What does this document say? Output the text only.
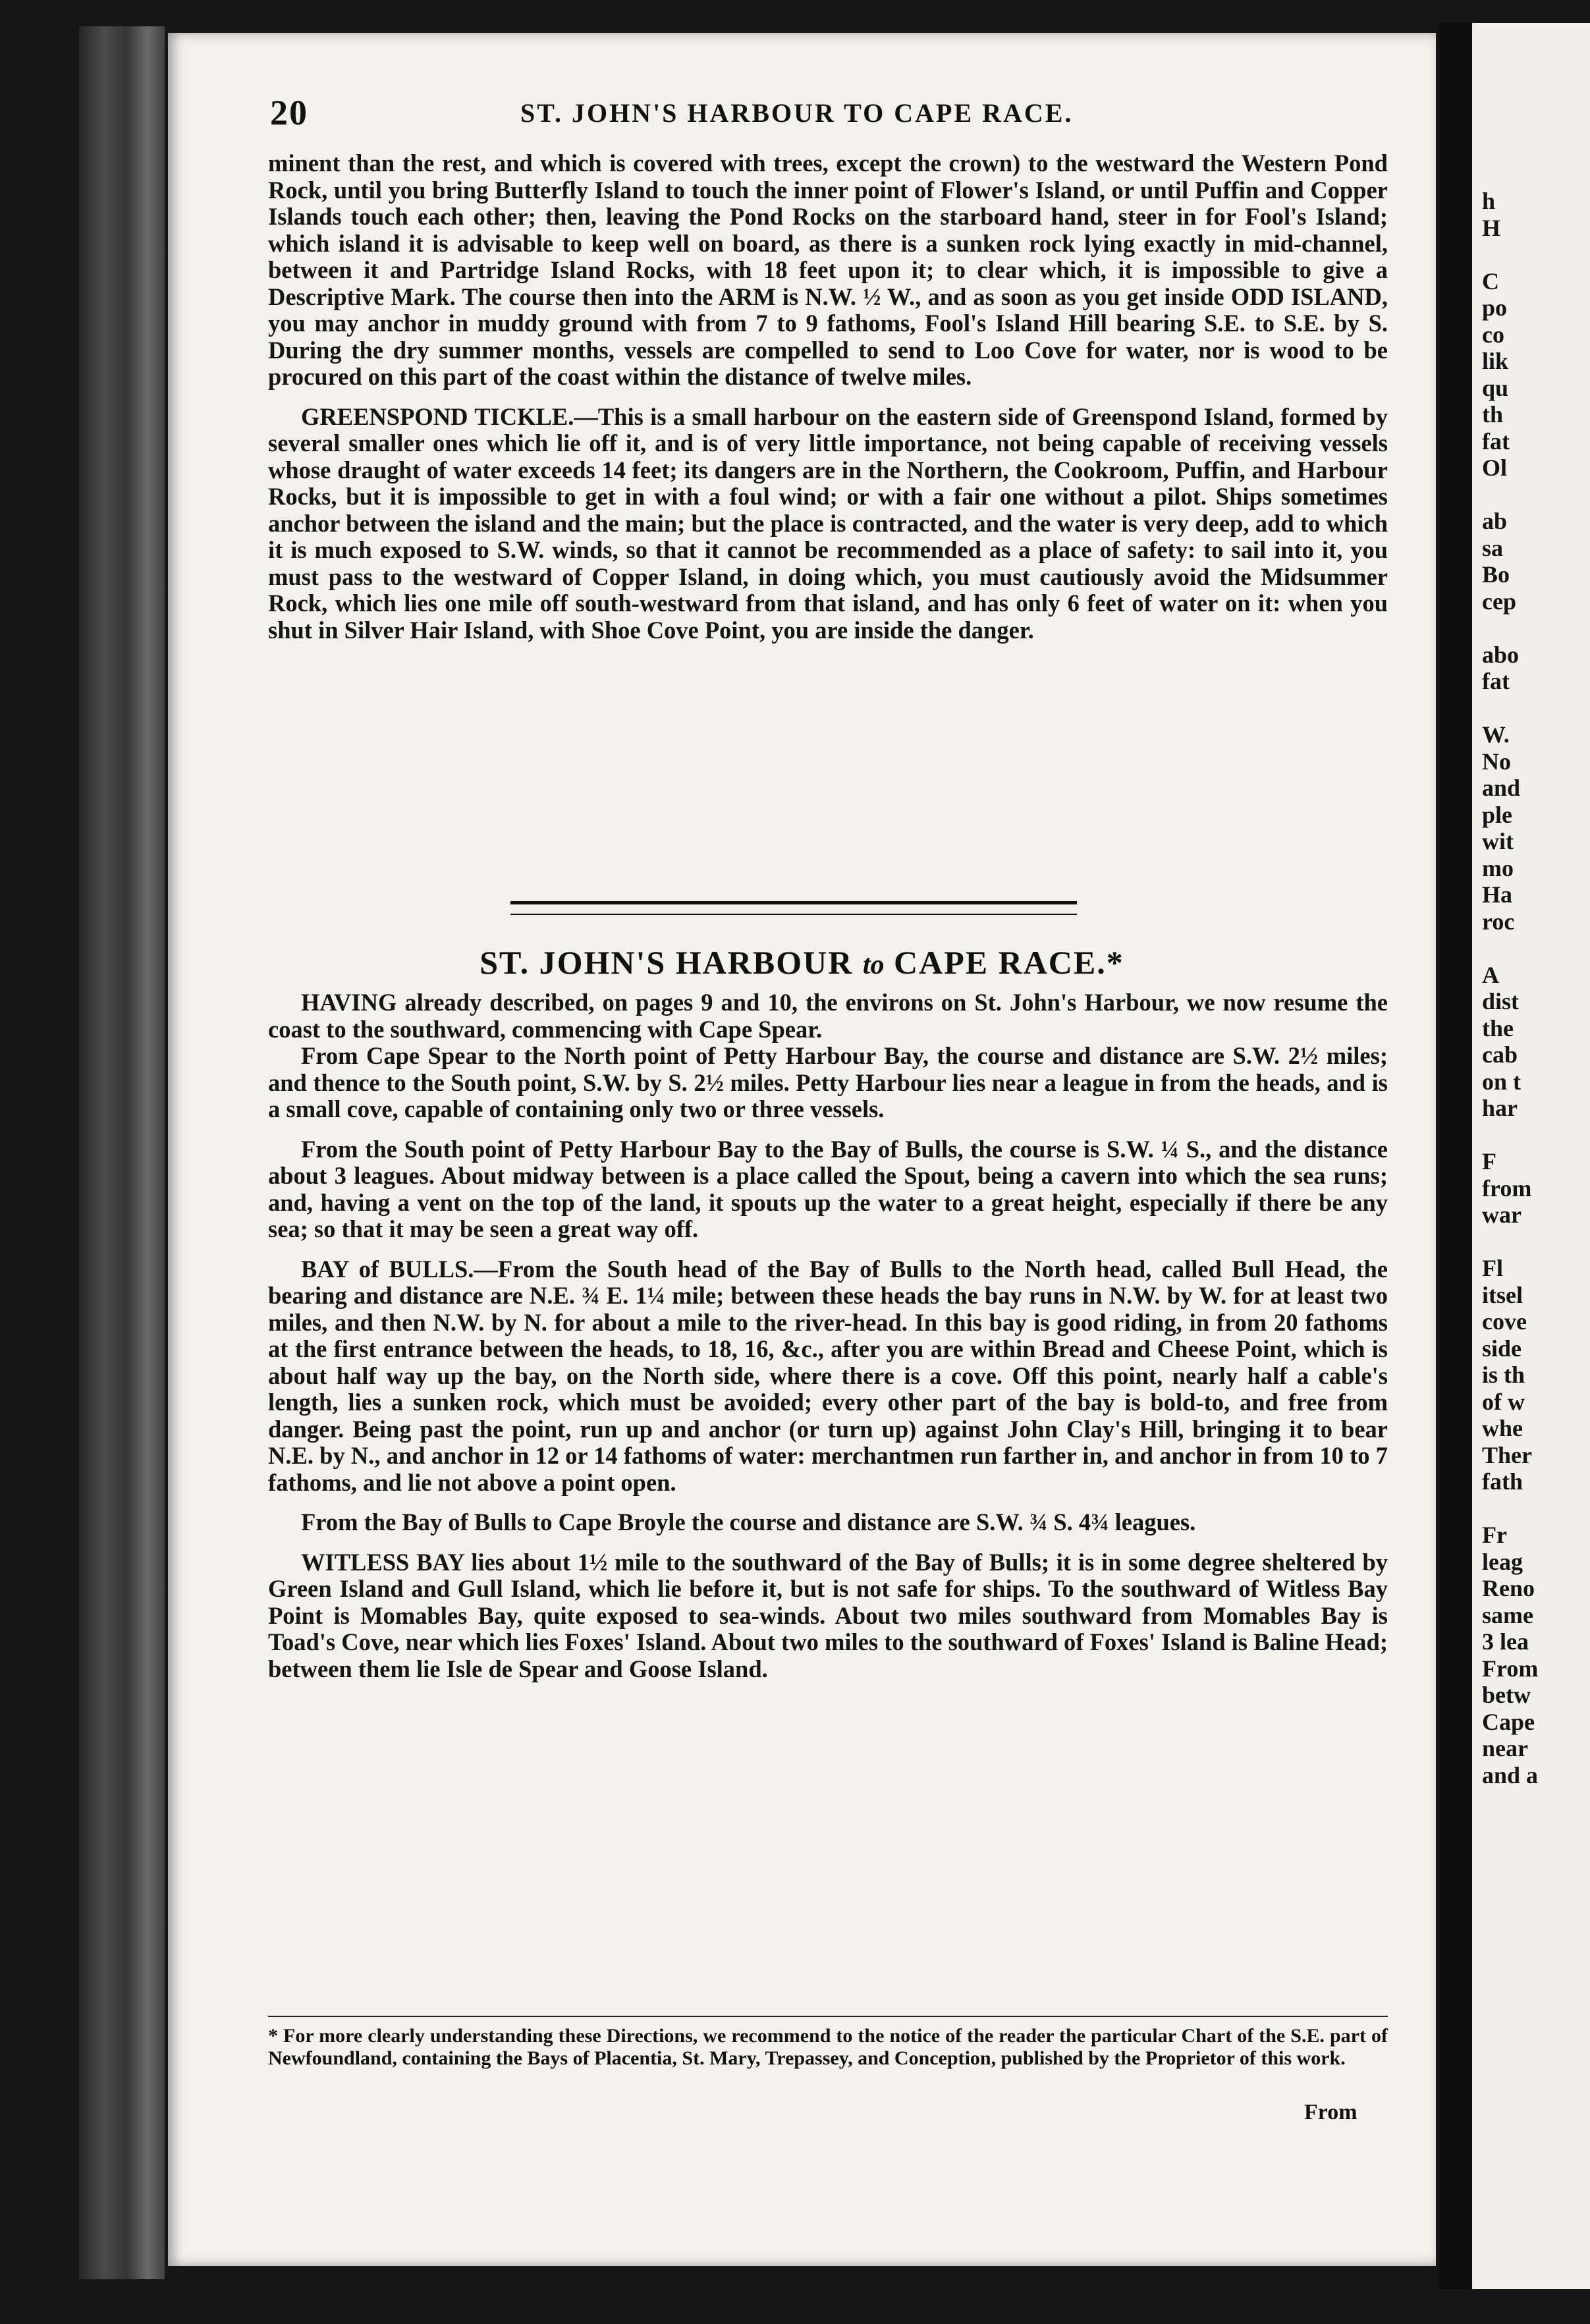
20	ST. JOHN'S HARBOUR TO CAPE RACE.

minent than the rest, and which is covered with trees, except the crown) to the westward the Western Pond Rock, until you bring Butterfly Island to touch the inner point of Flower's Island, or until Puffin and Copper Islands touch each other; then, leaving the Pond Rocks on the starboard hand, steer in for Fool's Island; which island it is advisable to keep well on board, as there is a sunken rock lying exactly in mid-channel, between it and Partridge Island Rocks, with 18 feet upon it; to clear which, it is impossible to give a Descriptive Mark. The course then into the ARM is N.W. ½ W., and as soon as you get inside ODD ISLAND, you may anchor in muddy ground with from 7 to 9 fathoms, Fool's Island Hill bearing S.E. to S.E. by S. During the dry summer months, vessels are compelled to send to Loo Cove for water, nor is wood to be procured on this part of the coast within the distance of twelve miles.

GREENSPOND TICKLE.—This is a small harbour on the eastern side of Greenspond Island, formed by several smaller ones which lie off it, and is of very little importance, not being capable of receiving vessels whose draught of water exceeds 14 feet; its dangers are in the Northern, the Cookroom, Puffin, and Harbour Rocks, but it is impossible to get in with a foul wind; or with a fair one without a pilot. Ships sometimes anchor between the island and the main; but the place is contracted, and the water is very deep, add to which it is much exposed to S.W. winds, so that it cannot be recommended as a place of safety: to sail into it, you must pass to the westward of Copper Island, in doing which, you must cautiously avoid the Midsummer Rock, which lies one mile off south-westward from that island, and has only 6 feet of water on it: when you shut in Silver Hair Island, with Shoe Cove Point, you are inside the danger.

ST. JOHN'S HARBOUR to CAPE RACE.*

HAVING already described, on pages 9 and 10, the environs on St. John's Harbour, we now resume the coast to the southward, commencing with Cape Spear.

From Cape Spear to the North point of Petty Harbour Bay, the course and distance are S.W. 2½ miles; and thence to the South point, S.W. by S. 2½ miles. Petty Harbour lies near a league in from the heads, and is a small cove, capable of containing only two or three vessels.

From the South point of Petty Harbour Bay to the Bay of Bulls, the course is S.W. ¼ S., and the distance about 3 leagues. About midway between is a place called the Spout, being a cavern into which the sea runs; and, having a vent on the top of the land, it spouts up the water to a great height, especially if there be any sea; so that it may be seen a great way off.

BAY of BULLS.—From the South head of the Bay of Bulls to the North head, called Bull Head, the bearing and distance are N.E. ¾ E. 1¼ mile; between these heads the bay runs in N.W. by W. for at least two miles, and then N.W. by N. for about a mile to the river-head. In this bay is good riding, in from 20 fathoms at the first entrance between the heads, to 18, 16, &c., after you are within Bread and Cheese Point, which is about half way up the bay, on the North side, where there is a cove. Off this point, nearly half a cable's length, lies a sunken rock, which must be avoided; every other part of the bay is bold-to, and free from danger. Being past the point, run up and anchor (or turn up) against John Clay's Hill, bringing it to bear N.E. by N., and anchor in 12 or 14 fathoms of water: merchantmen run farther in, and anchor in from 10 to 7 fathoms, and lie not above a point open.

From the Bay of Bulls to Cape Broyle the course and distance are S.W. ¾ S. 4¾ leagues.

WITLESS BAY lies about 1½ mile to the southward of the Bay of Bulls; it is in some degree sheltered by Green Island and Gull Island, which lie before it, but is not safe for ships. To the southward of Witless Bay Point is Momables Bay, quite exposed to sea-winds. About two miles southward from Momables Bay is Toad's Cove, near which lies Foxes' Island. About two miles to the southward of Foxes' Island is Baline Head; between them lie Isle de Spear and Goose Island.

* For more clearly understanding these Directions, we recommend to the notice of the reader the particular Chart of the S.E. part of Newfoundland, containing the Bays of Placentia, St. Mary, Trepassey, and Conception, published by the Proprietor of this work.
From
h
H

C
po
co
lik
qu
th
fat
Ol

ab
sa
Bo
cep

abo
fat

W.
No
and
ple
wit
mo
Ha
roc

A
dist
the
cab
on t
har

F
from
war

Fl
itsel
cove
side
is th
of w
whe
Ther
fath

Fr
leag
Reno
same
3 lea
From
betw
Cape
near
and a
